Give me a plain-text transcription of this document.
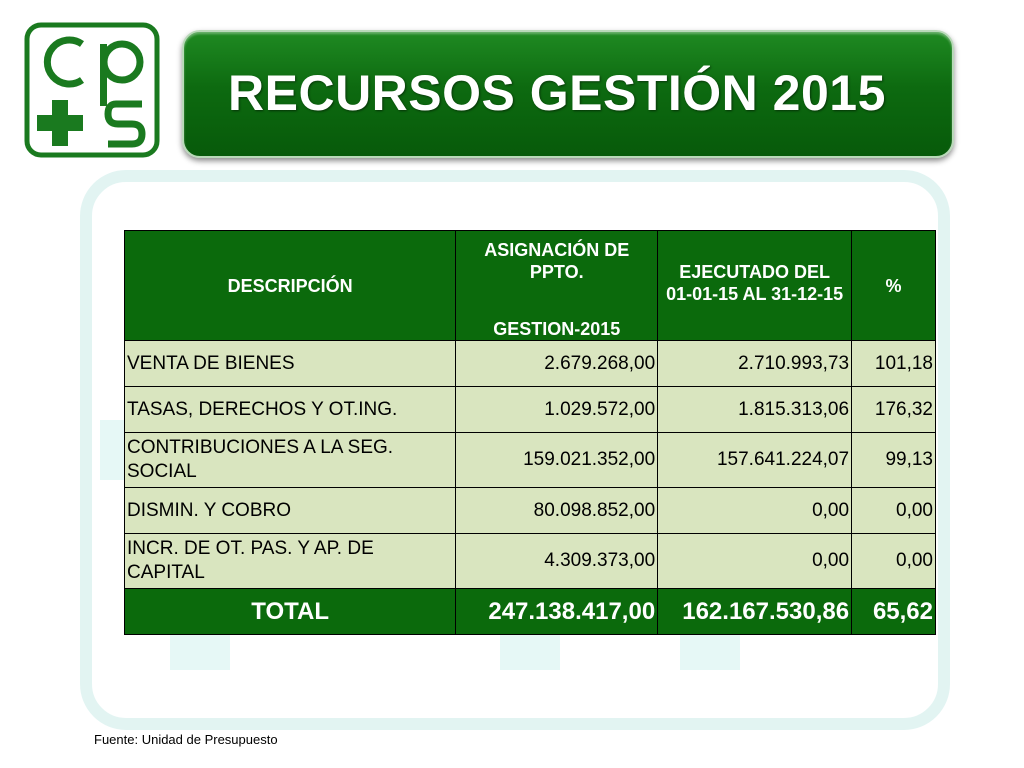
RECURSOS GESTIÓN 2015
DESCRIPCIÓN	ASIGNACIÓN DE PPTO.	EJECUTADO DEL	%
	GESTION-2015	01-01-15 AL 31-12-15	
VENTA DE BIENES	2.679.268,00	2.710.993,73	101,18
TASAS, DERECHOS Y OT.ING.	1.029.572,00	1.815.313,06	176,32
CONTRIBUCIONES A LA SEG. SOCIAL	159.021.352,00	157.641.224,07	99,13
DISMIN. Y COBRO	80.098.852,00	0,00	0,00
INCR. DE OT. PAS. Y AP. DE CAPITAL	4.309.373,00	0,00	0,00
TOTAL	247.138.417,00	162.167.530,86	65,62
Fuente: Unidad de Presupuesto
